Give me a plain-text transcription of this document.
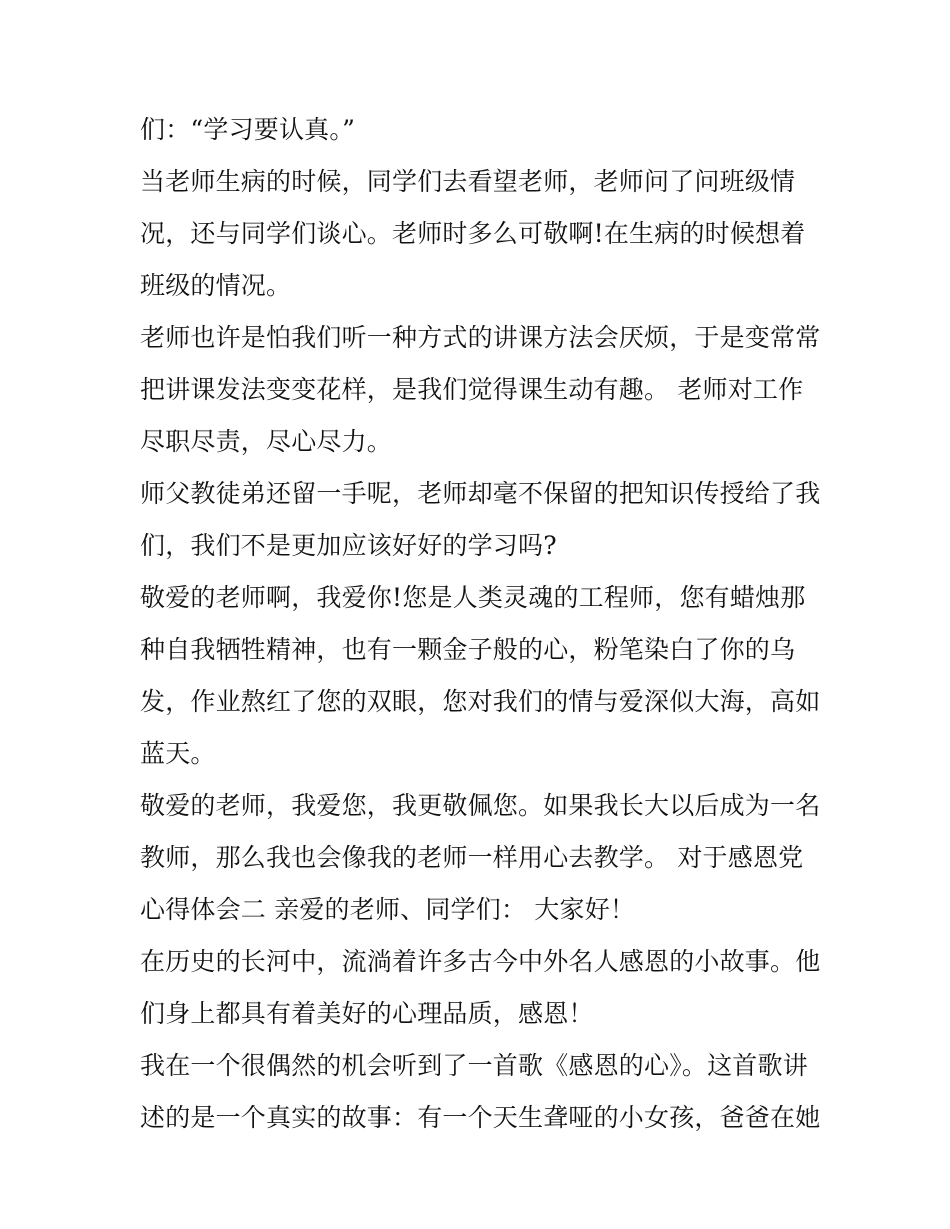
们：“学习要认真。”
当老师生病的时候，同学们去看望老师，老师问了问班级情
况，还与同学们谈心。老师时多么可敬啊!在生病的时候想着
班级的情况。
老师也许是怕我们听一种方式的讲课方法会厌烦，于是变常常
把讲课发法变变花样，是我们觉得课生动有趣。 老师对工作
尽职尽责，尽心尽力。
师父教徒弟还留一手呢，老师却毫不保留的把知识传授给了我
们，我们不是更加应该好好的学习吗?
敬爱的老师啊，我爱你!您是人类灵魂的工程师，您有蜡烛那
种自我牺牲精神，也有一颗金子般的心，粉笔染白了你的乌
发，作业熬红了您的双眼，您对我们的情与爱深似大海，高如
蓝天。
敬爱的老师，我爱您，我更敬佩您。如果我长大以后成为一名
教师，那么我也会像我的老师一样用心去教学。 对于感恩党
心得体会二 亲爱的老师、同学们： 大家好！
在历史的长河中，流淌着许多古今中外名人感恩的小故事。他
们身上都具有着美好的心理品质，感恩！
我在一个很偶然的机会听到了一首歌《感恩的心》。这首歌讲
述的是一个真实的故事：有一个天生聋哑的小女孩，爸爸在她
